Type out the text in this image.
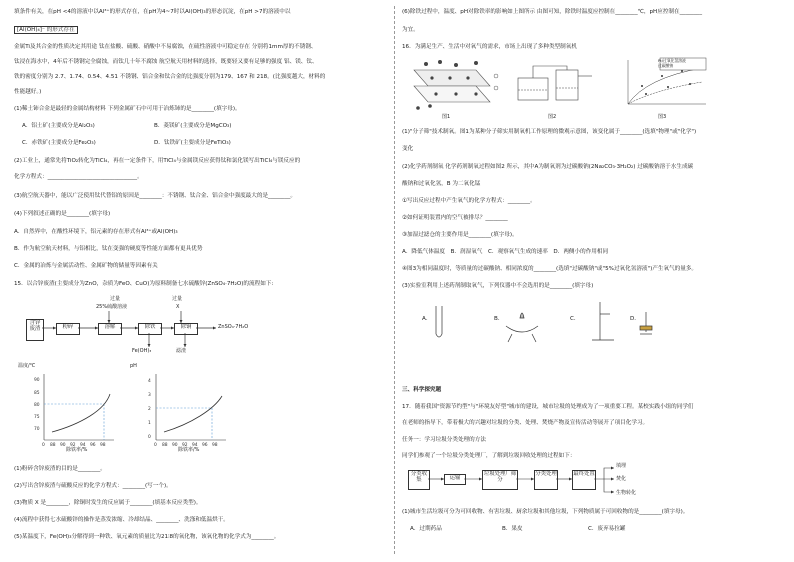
填条件有关，在pH <4的溶液中以Al³⁺的形式存在，在pH为4~7时以Al(OH)₃的形态沉淀，在pH >7的溶液中以
[Al(OH)₄]⁻ 的形式存在
金属Ti及其合金的性质决定其用途 钛在盐酸、硫酸、硝酸中不易腐蚀，在硫性溶液中可稳定存在 分别将1mm厚的不锈钢、
钛浸在海水中，4年后不锈钢完全腐蚀，而钛几十年不腐蚀 航空航天用材料的选择，既要轻又要有足够的强度 铝、镁、钛、
铁的密度分别为 2.7、1.74、0.54、4.51 不锈钢、铝合金和钛合金的比强度分别为179、167 和 218。(比强度越大，材料的
性能越好。)
(1)稀土铈合金是最轻的金属结构材料 下列金属矿石中可用于冶炼铈的是________(填字母)。
A．铝土矿(主要成分是Al₂O₃)	B．菱镁矿(主要成分是MgCO₃)
C．赤铁矿(主要成分是Fe₂O₃)	D．钛铁矿(主要成分是FeTiO₃)
(2)工业上，通常先将TiO₂转化为TiCl₄，再在一定条件下，用TiCl₄与金属镁反应获得钛和氯化镁写出TiCl₄与镁反应的
化学方程式：________________________________。
(3)航空航天器中，能以广泛使用钛代替铝的原因是________：不锈钢、钛合金、铝合金中强度最大的是________。
(4)下列叙述正确的是________(填字母)
A．自然界中，在酸性环境下，铝元素的存在形式有Al³⁺或Al(OH)₃
B．作为航空航天材料，与铝相比，钛在变强的硬度等性能方面都有更具优势
C．金属的冶炼与金属活动性、金属矿物的储量等因素有关
15．以合锌废渣(主要成分为ZnO，杂质为FeO、CuO)为原料制备七水硫酸锌(ZnSO₄·7H₂O)的流程如下:
过量
25%硫酸溶液
过量
X
含锌废渣	粉碎	溶解	除铁	除铜	ZnSO₄·7H₂O
Fe(OH)₃	滤渣
温度/℃	pH
90
85
80
75
70
4
3
2
1
0
0 88 90 92 94 96 98	0 88 90 92 94 96 98
除铁率/%	除铁率/%
(1)粉碎含锌废渣的目的是________。
(2)写出含锌废渣与硫酸反应的化学方程式：________(写一个)。
(3)物质 X 是________，除铜时发生的反应属于________(填基本反应类型)。
(4)流程中获得七水硫酸锌的操作是蒸发浓缩、冷却结晶、________、洗涤和低温烘干。
(5)某温度下，Fe(OH)₃分解得到一种铁、氧元素的质量比为21∶8的氧化物，该氧化物的化学式为________。
(6)除铁过程中，温度、pH对除铁率的影响如上图所示 由图可知，除铁时温度应控制在________℃，pH应控制在________
为宜。
16．为满足生产、生活中对氧气的需求，市场上出现了多种类型制氧机
Pt/过氧化氢溶液
过碳酸钠
图1	图2	图3
(1)"分子筛"技术制氧。图1为某种分子筛实用制氧机工作原理的微观示意图，该变化属于________(选填"物理"或"化学")
变化
(2)化学药剂制氧 化学药剂制氧过程如图2 所示，其中A为制氧剂为过碳酸钠(2Na₂CO₃·3H₂O₂) 过碳酸钠溶于水生成碳
酸钠和过氧化氢，B 为二氧化锰
①写出反应过程中产生氧气的化学方程式：________。
②如何证明装置内的空气被排尽？________
③加湿过滤仓的主要作用是________(填字母)。
A．降低气体温度　B．润湿氧气　C．观察氧气生成的速率　D．两侧小的作用相同
④图3为相同温度时，等质量的过碳酸钠、相同浓度的________(选填"过碳酸钠"或"5%过氧化氢溶液")产生氧气的量多。
(3)实验室利用上述药剂制取氧气，下列仪器中不会选用的是________(填字母)
A．	B．	C．	D．
三、科学探究题
17．随着我国"资源节约型"与"环境友好型"城市的建设，城市垃圾的处理成为了一项重要工程。某校实践小组的同学们
在老师的指导下，带着极大的兴趣对垃圾的分类、处理、焚烧产物及宣传活动等展开了项目化学习。
任务一：学习垃圾分类处理的方法
同学们参观了一个垃圾分类处理厂，了解到垃圾回收处理的过程如下：
分类收集	运输
垃圾处理厂筛分
分类处理	最终处置
填埋
焚化
生物转化
(1)城市生活垃圾可分为可回收物、有害垃圾、厨余垃圾和其他垃圾，下列物质属于可回收物的是________(填字母)。
A．过期药品	B．果皮	C．废弃易拉罐
